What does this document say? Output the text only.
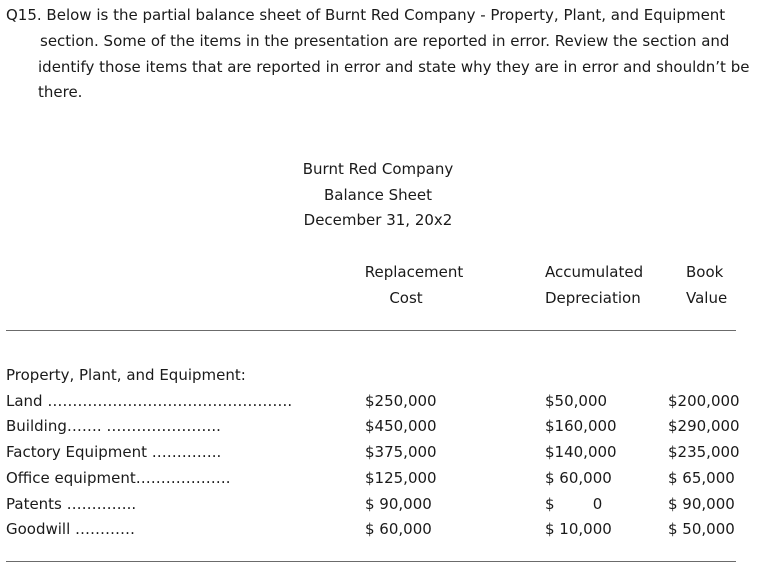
Q15. Below is the partial balance sheet of Burnt Red Company - Property, Plant, and Equipment
section. Some of the items in the presentation are reported in error. Review the section and
identify those items that are reported in error and state why they are in error and shouldn’t be
there.
Burnt Red Company
Balance Sheet
December 31, 20x2
Replacement
Cost
Accumulated
Depreciation
Book
Value
Property, Plant, and Equipment:
Land ………………………………………….	$250,000	$50,000	$200,000
Building……. …………………..	$450,000	$160,000	$290,000
Factory Equipment …………..	$375,000	$140,000	$235,000
Office equipment……………….	$125,000	$ 60,000	$ 65,000
Patents …………..	$ 90,000	$        0	$ 90,000
Goodwill …………	$ 60,000	$ 10,000	$ 50,000
